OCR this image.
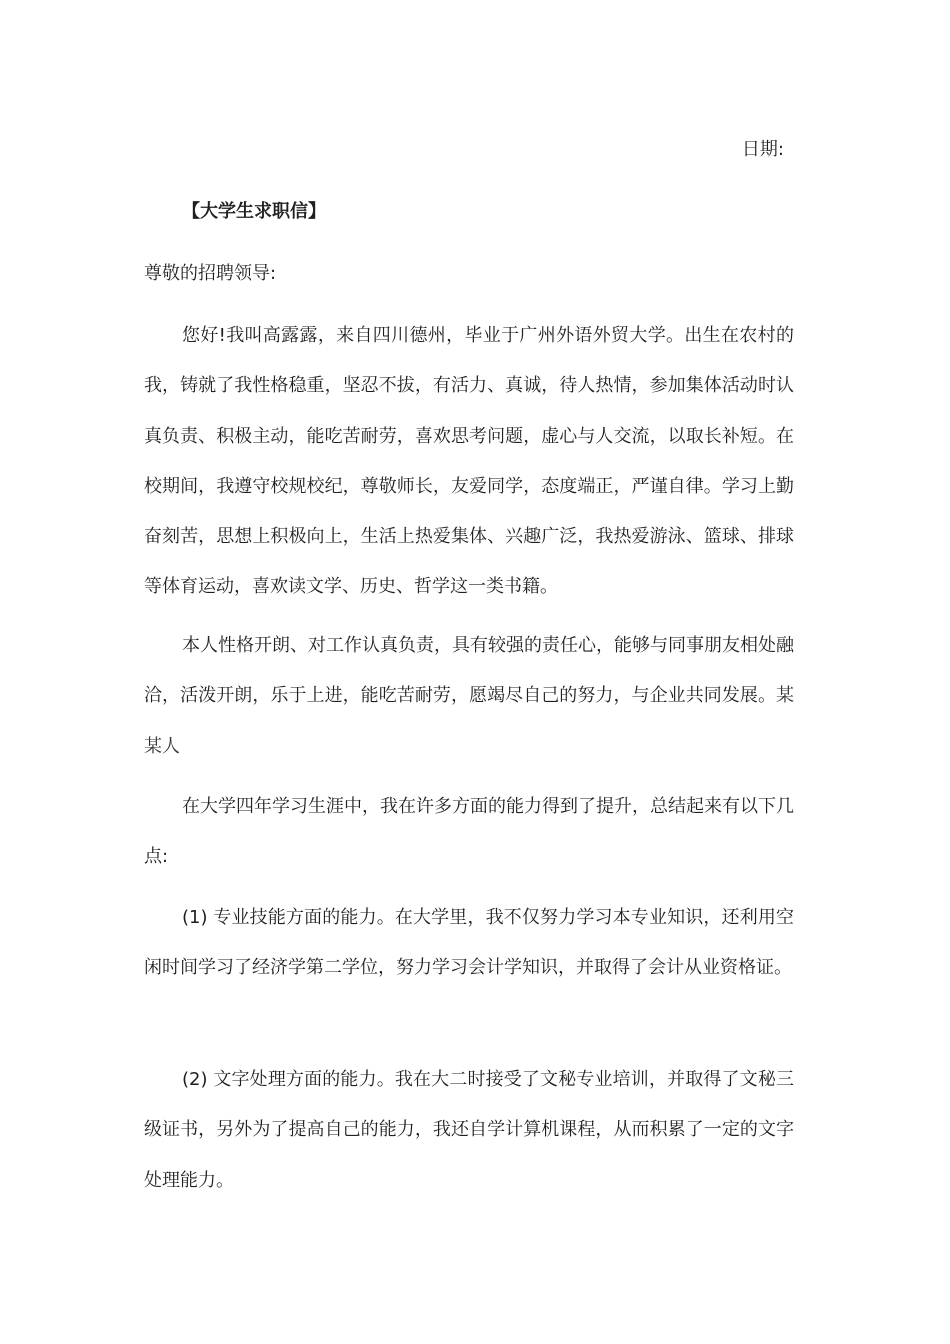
日期:
【大学生求职信】
尊敬的招聘领导:
您好!我叫高露露，来自四川德州，毕业于广州外语外贸大学。出生在农村的我，铸就了我性格稳重，坚忍不拔，有活力、真诚，待人热情，参加集体活动时认真负责、积极主动，能吃苦耐劳，喜欢思考问题，虚心与人交流，以取长补短。在校期间，我遵守校规校纪，尊敬师长，友爱同学，态度端正，严谨自律。学习上勤奋刻苦，思想上积极向上，生活上热爱集体、兴趣广泛，我热爱游泳、篮球、排球等体育运动，喜欢读文学、历史、哲学这一类书籍。
本人性格开朗、对工作认真负责，具有较强的责任心，能够与同事朋友相处融洽，活泼开朗，乐于上进，能吃苦耐劳，愿竭尽自己的努力，与企业共同发展。某某人
在大学四年学习生涯中，我在许多方面的能力得到了提升，总结起来有以下几点:
(1) 专业技能方面的能力。在大学里，我不仅努力学习本专业知识，还利用空闲时间学习了经济学第二学位，努力学习会计学知识，并取得了会计从业资格证。
(2) 文字处理方面的能力。我在大二时接受了文秘专业培训，并取得了文秘三级证书，另外为了提高自己的能力，我还自学计算机课程，从而积累了一定的文字处理能力。
